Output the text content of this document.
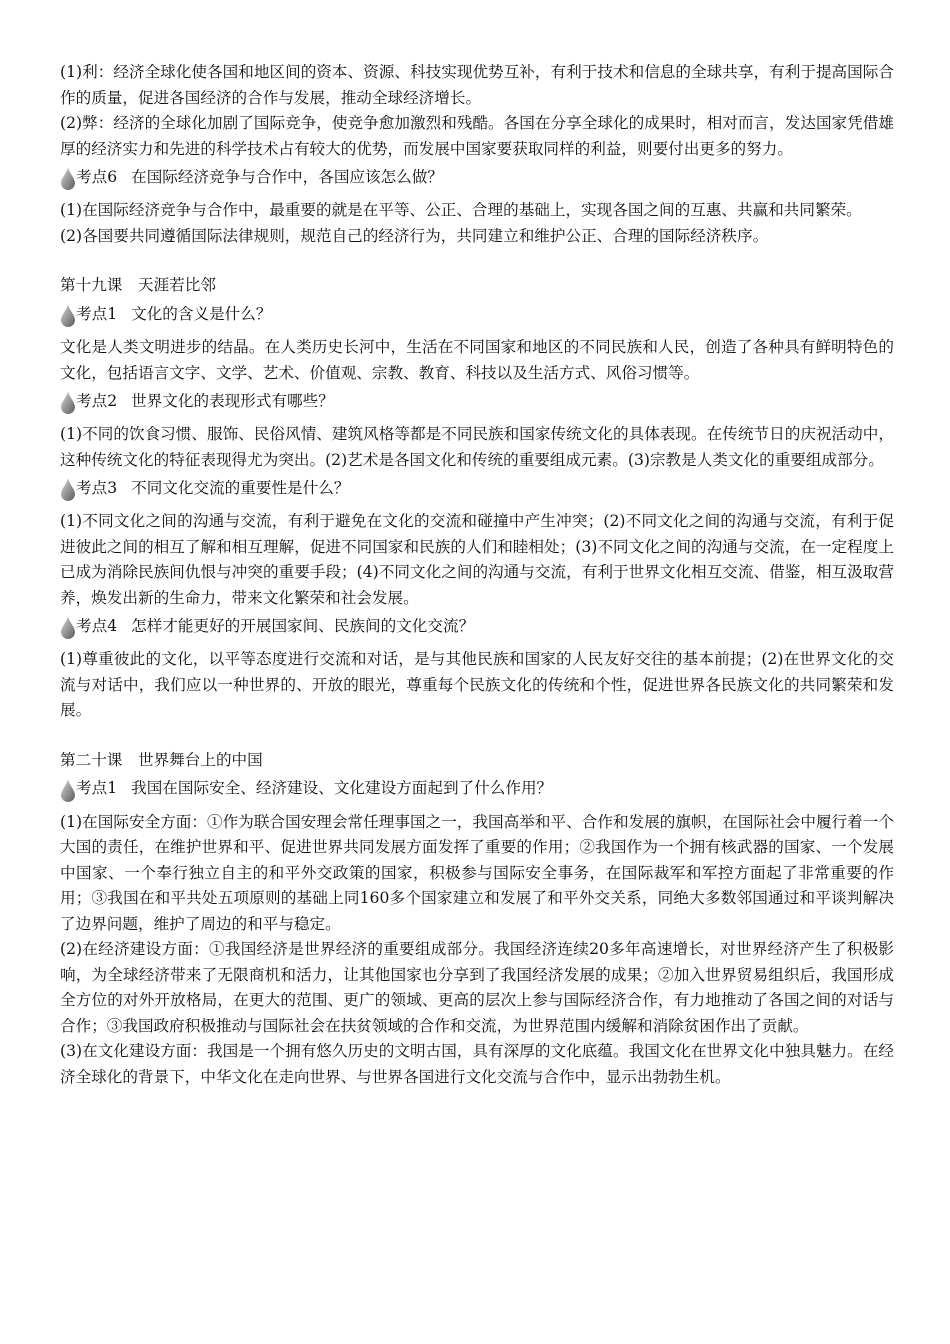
(1)利：经济全球化使各国和地区间的资本、资源、科技实现优势互补，有利于技术和信息的全球共享，有利于提高国际合作的质量，促进各国经济的合作与发展，推动全球经济增长。

(2)弊：经济的全球化加剧了国际竞争，使竞争愈加激烈和残酷。各国在分享全球化的成果时，相对而言，发达国家凭借雄厚的经济实力和先进的科学技术占有较大的优势，而发展中国家要获取同样的利益，则要付出更多的努力。

考点6 在国际经济竞争与合作中，各国应该怎么做？

(1)在国际经济竞争与合作中，最重要的就是在平等、公正、合理的基础上，实现各国之间的互惠、共赢和共同繁荣。

(2)各国要共同遵循国际法律规则，规范自己的经济行为，共同建立和维护公正、合理的国际经济秩序。

第十九课　天涯若比邻
考点1 文化的含义是什么？

文化是人类文明进步的结晶。在人类历史长河中，生活在不同国家和地区的不同民族和人民，创造了各种具有鲜明特色的文化，包括语言文字、文学、艺术、价值观、宗教、教育、科技以及生活方式、风俗习惯等。

考点2 世界文化的表现形式有哪些？

(1)不同的饮食习惯、服饰、民俗风情、建筑风格等都是不同民族和国家传统文化的具体表现。在传统节日的庆祝活动中，这种传统文化的特征表现得尤为突出。(2)艺术是各国文化和传统的重要组成元素。(3)宗教是人类文化的重要组成部分。

考点3 不同文化交流的重要性是什么？

(1)不同文化之间的沟通与交流，有利于避免在文化的交流和碰撞中产生冲突；(2)不同文化之间的沟通与交流，有利于促进彼此之间的相互了解和相互理解，促进不同国家和民族的人们和睦相处；(3)不同文化之间的沟通与交流，在一定程度上已成为消除民族间仇恨与冲突的重要手段；(4)不同文化之间的沟通与交流，有利于世界文化相互交流、借鉴，相互汲取营养，焕发出新的生命力，带来文化繁荣和社会发展。

考点4 怎样才能更好的开展国家间、民族间的文化交流？

(1)尊重彼此的文化，以平等态度进行交流和对话，是与其他民族和国家的人民友好交往的基本前提；(2)在世界文化的交流与对话中，我们应以一种世界的、开放的眼光，尊重每个民族文化的传统和个性，促进世界各民族文化的共同繁荣和发展。

第二十课　世界舞台上的中国
考点1 我国在国际安全、经济建设、文化建设方面起到了什么作用？

(1)在国际安全方面：①作为联合国安理会常任理事国之一，我国高举和平、合作和发展的旗帜，在国际社会中履行着一个大国的责任，在维护世界和平、促进世界共同发展方面发挥了重要的作用；②我国作为一个拥有核武器的国家、一个发展中国家、一个奉行独立自主的和平外交政策的国家，积极参与国际安全事务，在国际裁军和军控方面起了非常重要的作用；③我国在和平共处五项原则的基础上同160多个国家建立和发展了和平外交关系，同绝大多数邻国通过和平谈判解决了边界问题，维护了周边的和平与稳定。

(2)在经济建设方面：①我国经济是世界经济的重要组成部分。我国经济连续20多年高速增长，对世界经济产生了积极影响，为全球经济带来了无限商机和活力，让其他国家也分享到了我国经济发展的成果；②加入世界贸易组织后，我国形成全方位的对外开放格局，在更大的范围、更广的领域、更高的层次上参与国际经济合作，有力地推动了各国之间的对话与合作；③我国政府积极推动与国际社会在扶贫领域的合作和交流，为世界范围内缓解和消除贫困作出了贡献。

(3)在文化建设方面：我国是一个拥有悠久历史的文明古国，具有深厚的文化底蕴。我国文化在世界文化中独具魅力。在经济全球化的背景下，中华文化在走向世界、与世界各国进行文化交流与合作中，显示出勃勃生机。
